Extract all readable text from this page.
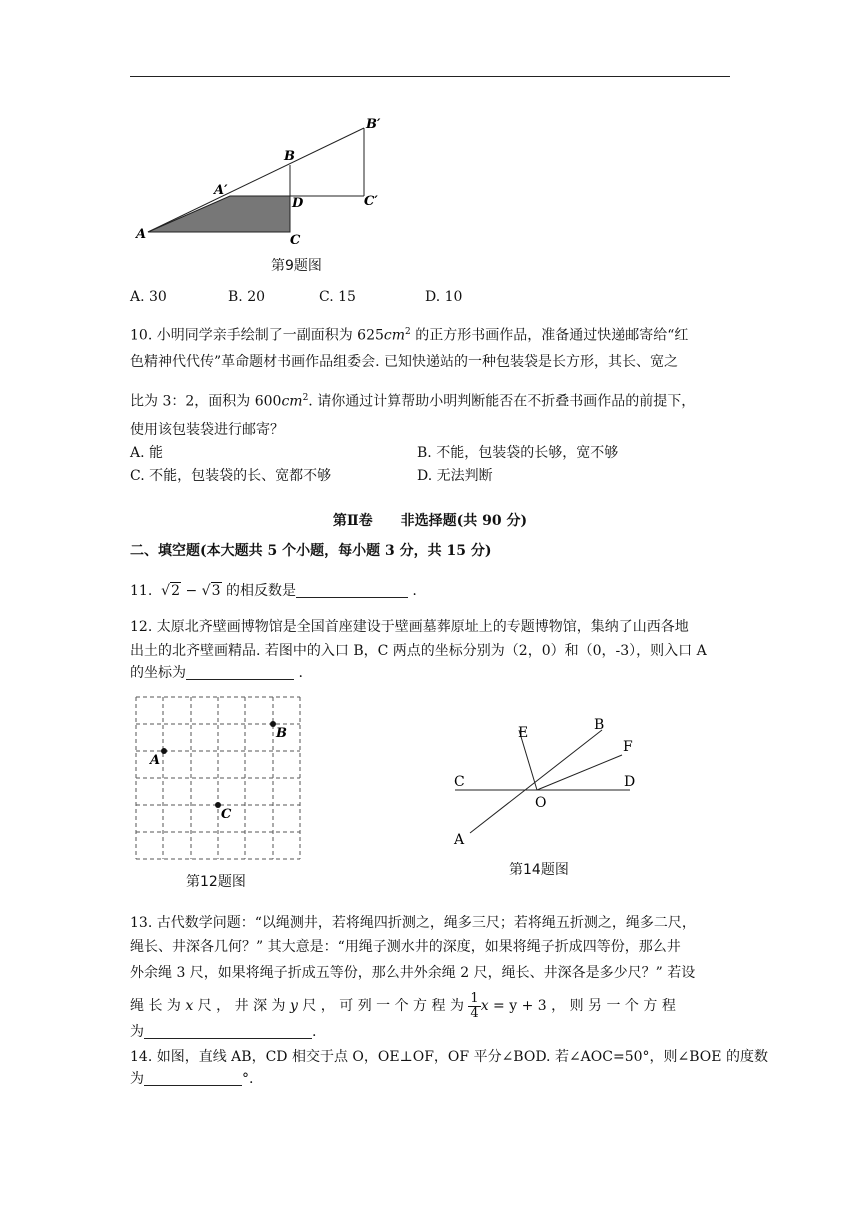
A
A′
B
B′
D
C
C′
第9题图
A. 30	B. 20	C. 15	D. 10
10. 小明同学亲手绘制了一副面积为 $625cm^2$ 的正方形书画作品，准备通过快递邮寄给“红
色精神代代传”革命题材书画作品组委会. 已知快递站的一种包装袋是长方形，其长、宽之
比为 3：2，面积为 $600cm^2$. 请你通过计算帮助小明判断能否在不折叠书画作品的前提下，
使用该包装袋进行邮寄？
A. 能	B. 不能，包装袋的长够，宽不够
C. 不能，包装袋的长、宽都不够	D. 无法判断
第Ⅱ卷　　非选择题(共 90 分)
二、填空题(本大题共 5 个小题，每小题 3 分，共 15 分)
11. √2 − √3 的相反数是	.
12. 太原北齐壁画博物馆是全国首座建设于壁画墓葬原址上的专题博物馆，集纳了山西各地
出土的北齐壁画精品. 若图中的入口 B，C 两点的坐标分别为（2，0）和（0，-3），则入口 A
的坐标为	.
A
B
C
第12题图
C	D
E	B
F
O
A
第14题图
13. 古代数学问题：“以绳测井，若将绳四折测之，绳多三尺；若将绳五折测之，绳多二尺，
绳长、井深各几何？” 其大意是：“用绳子测水井的深度，如果将绳子折成四等份，那么井
外余绳 3 尺，如果将绳子折成五等份，那么井外余绳 2 尺，绳长、井深各是多少尺？” 若设
绳 长 为 x 尺 ， 井 深 为 y 尺 ， 可 列 一 个 方 程 为 $\frac{1}{4}$ x = y + 3 ， 则 另 一 个 方 程
为	.
14. 如图，直线 AB，CD 相交于点 O，OE⊥OF，OF 平分∠BOD. 若∠AOC=50°，则∠BOE 的度数
为	°.
